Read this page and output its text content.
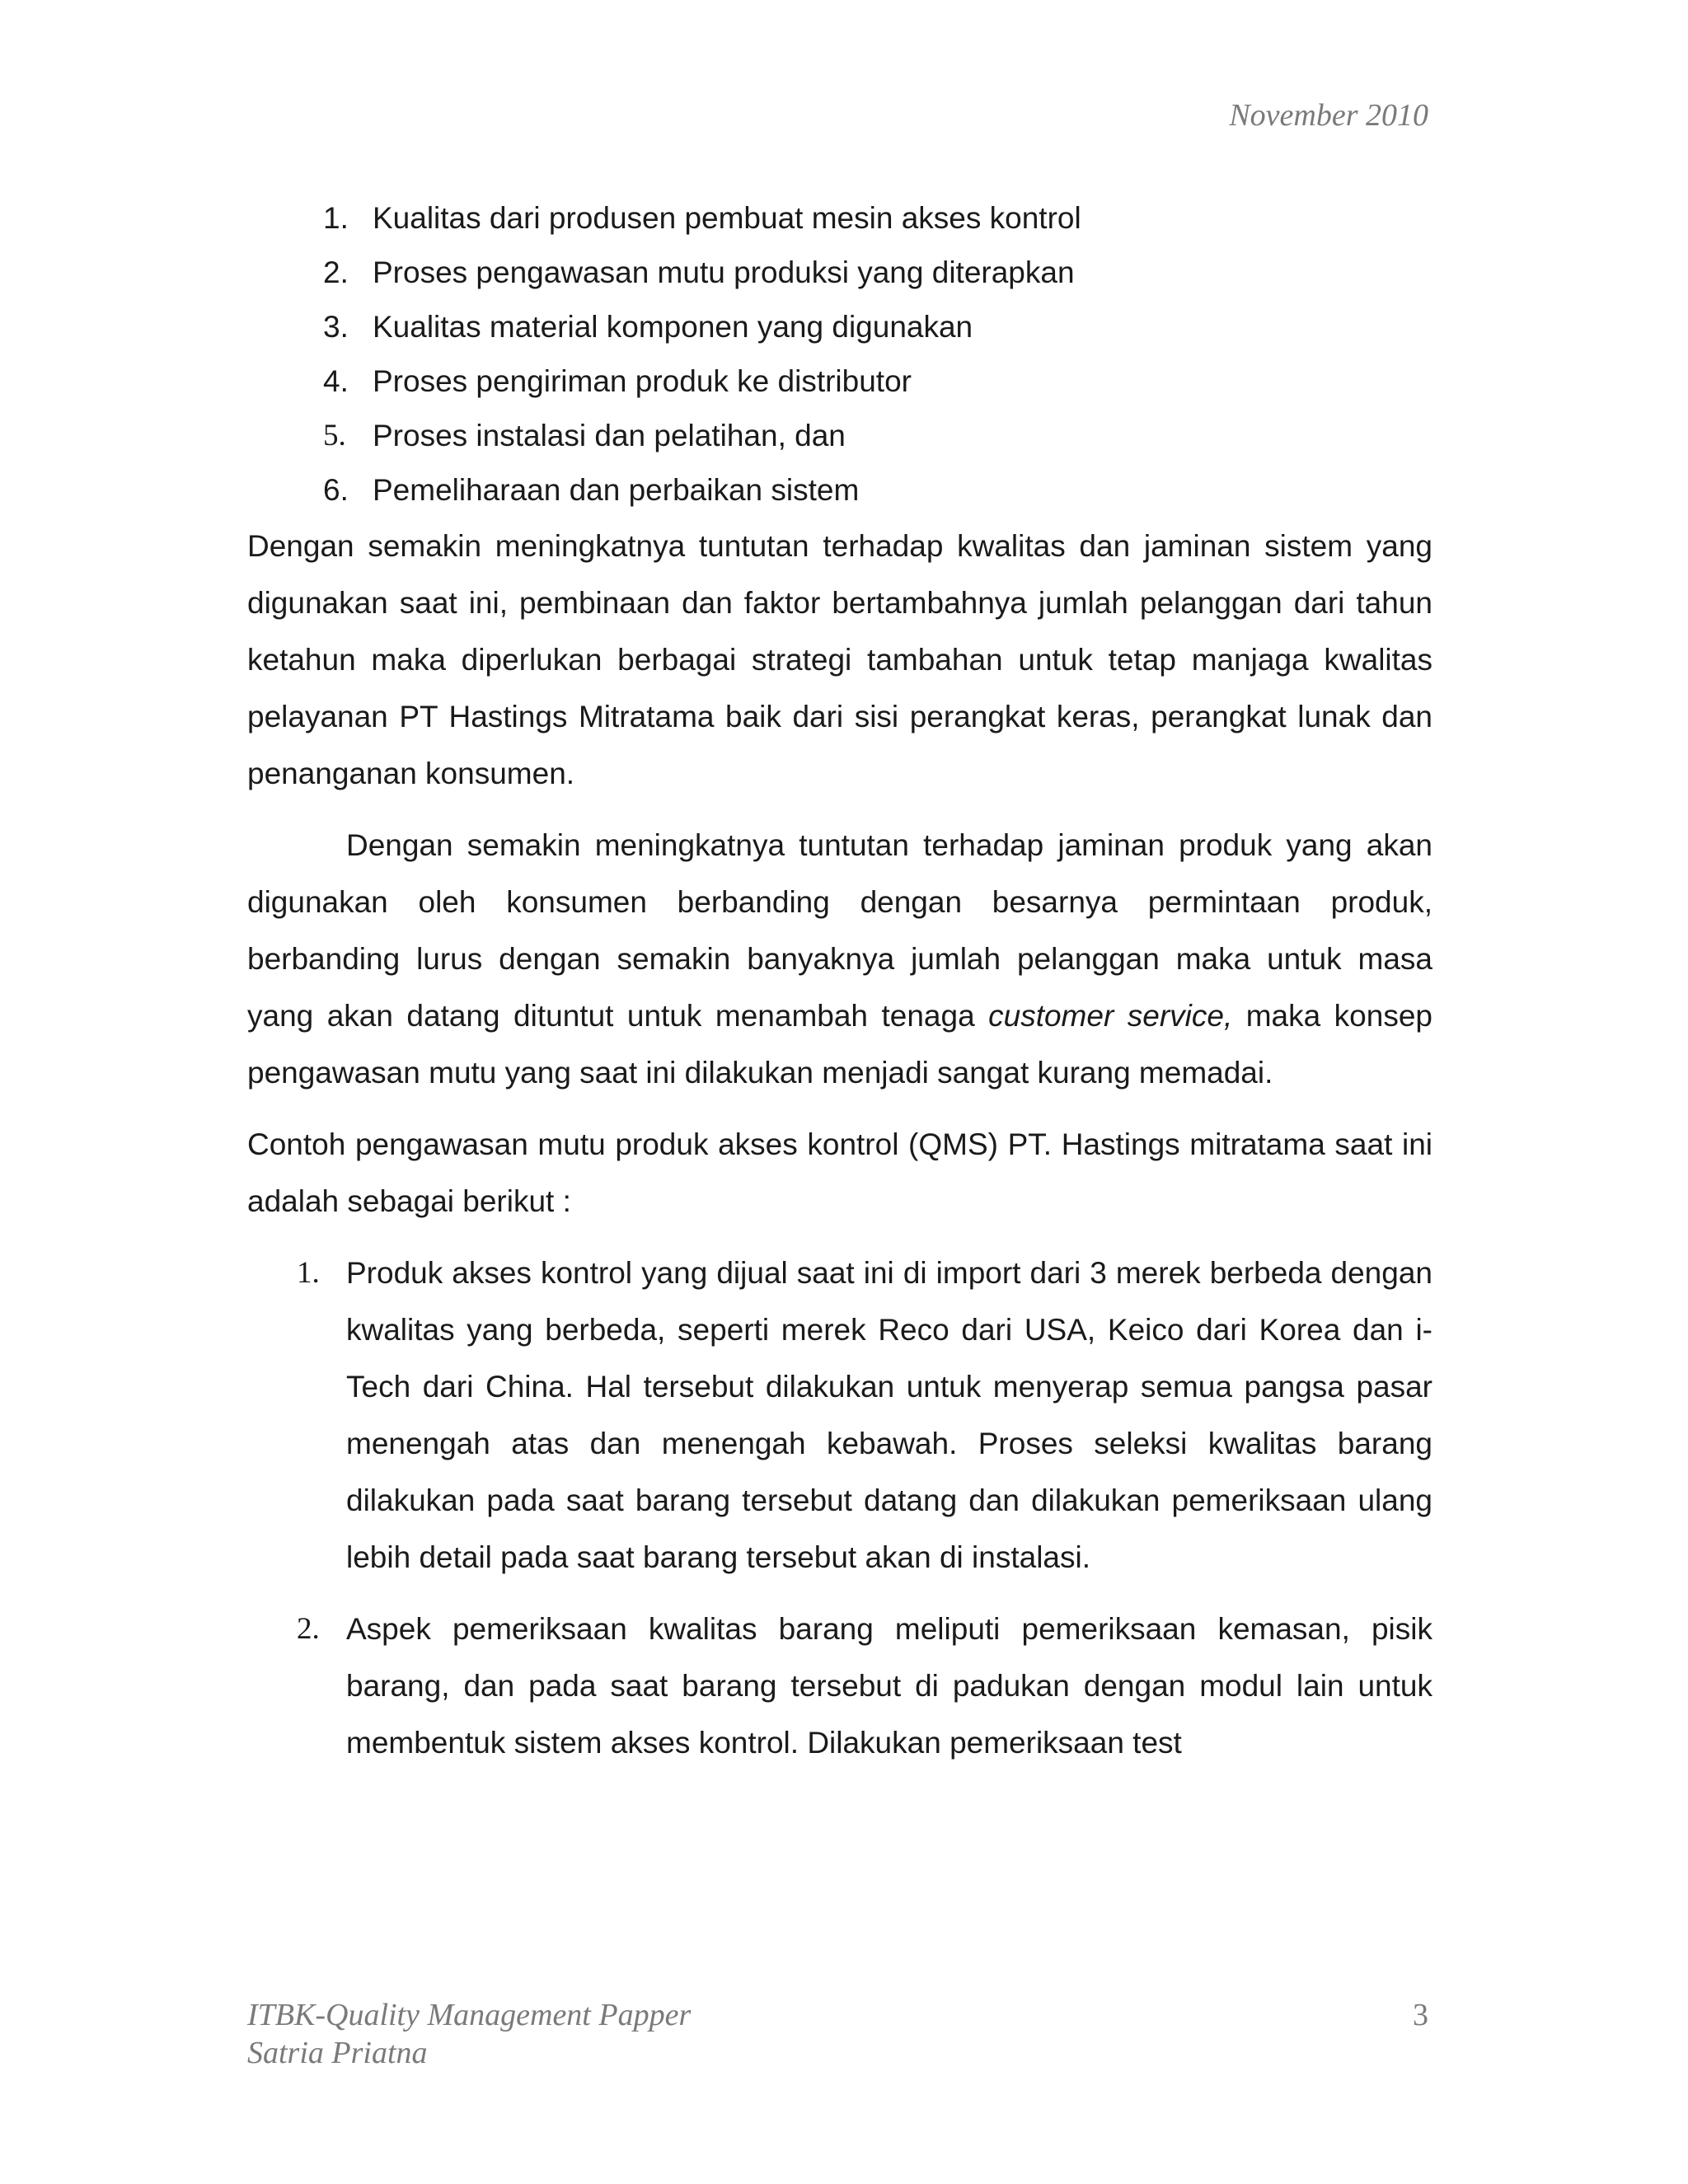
November 2010
1. Kualitas dari produsen pembuat mesin akses kontrol
2. Proses pengawasan mutu produksi yang diterapkan
3. Kualitas material komponen yang digunakan
4. Proses pengiriman produk ke distributor
5. Proses instalasi dan pelatihan, dan
6. Pemeliharaan dan perbaikan sistem

Dengan semakin meningkatnya tuntutan terhadap kwalitas dan jaminan sistem yang digunakan saat ini, pembinaan dan faktor bertambahnya jumlah pelanggan dari tahun ketahun maka diperlukan berbagai strategi tambahan untuk tetap manjaga kwalitas pelayanan PT Hastings Mitratama baik dari sisi perangkat keras, perangkat lunak dan penanganan konsumen.

Dengan semakin meningkatnya tuntutan terhadap jaminan produk yang akan digunakan oleh konsumen berbanding dengan besarnya permintaan produk, berbanding lurus dengan semakin banyaknya jumlah pelanggan maka untuk masa yang akan datang dituntut untuk menambah tenaga customer service, maka konsep pengawasan mutu yang saat ini dilakukan menjadi sangat kurang memadai.

Contoh pengawasan mutu produk akses kontrol (QMS) PT. Hastings mitratama saat ini adalah sebagai berikut :

1. Produk akses kontrol yang dijual saat ini di import dari 3 merek berbeda dengan kwalitas yang berbeda, seperti merek Reco dari USA, Keico dari Korea dan i-Tech dari China. Hal tersebut dilakukan untuk menyerap semua pangsa pasar menengah atas dan menengah kebawah. Proses seleksi kwalitas barang dilakukan pada saat barang tersebut datang dan dilakukan pemeriksaan ulang lebih detail pada saat barang tersebut akan di instalasi.
2. Aspek pemeriksaan kwalitas barang meliputi pemeriksaan kemasan, pisik barang, dan pada saat barang tersebut di padukan dengan modul lain untuk membentuk sistem akses kontrol. Dilakukan pemeriksaan test
ITBK-Quality Management Papper
Satria Priatna
3
